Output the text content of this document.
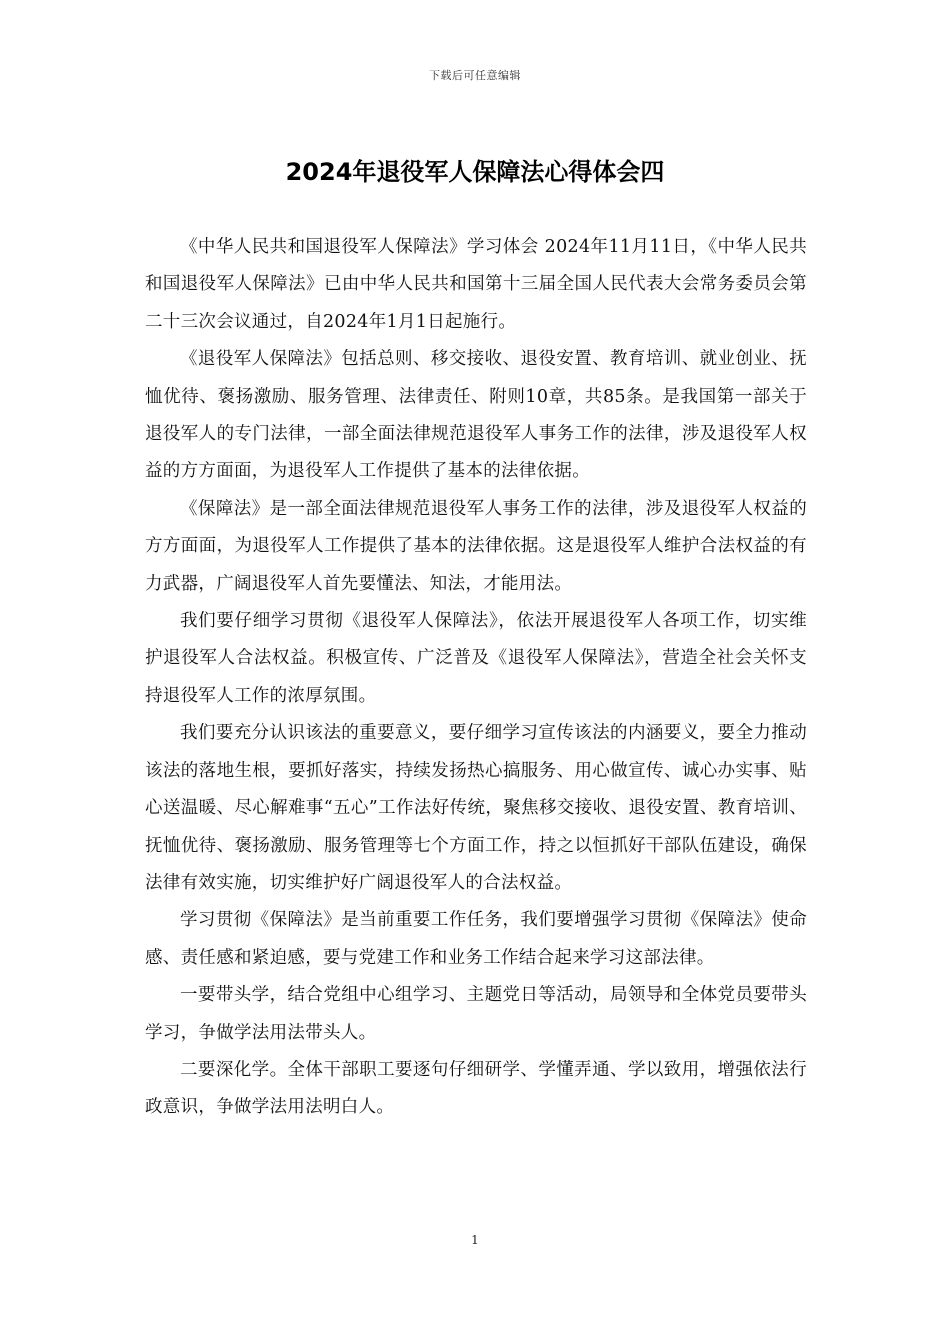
下载后可任意编辑
2024年退役军人保障法心得体会四

《中华人民共和国退役军人保障法》学习体会 2024年11月11日，《中华人民共和国退役军人保障法》已由中华人民共和国第十三届全国人民代表大会常务委员会第二十三次会议通过，自2024年1月1日起施行。

《退役军人保障法》包括总则、移交接收、退役安置、教育培训、就业创业、抚恤优待、褒扬激励、服务管理、法律责任、附则10章，共85条。是我国第一部关于退役军人的专门法律，一部全面法律规范退役军人事务工作的法律，涉及退役军人权益的方方面面，为退役军人工作提供了基本的法律依据。

《保障法》是一部全面法律规范退役军人事务工作的法律，涉及退役军人权益的方方面面，为退役军人工作提供了基本的法律依据。这是退役军人维护合法权益的有力武器，广阔退役军人首先要懂法、知法，才能用法。

我们要仔细学习贯彻《退役军人保障法》，依法开展退役军人各项工作，切实维护退役军人合法权益。积极宣传、广泛普及《退役军人保障法》，营造全社会关怀支持退役军人工作的浓厚氛围。

我们要充分认识该法的重要意义，要仔细学习宣传该法的内涵要义，要全力推动该法的落地生根，要抓好落实，持续发扬热心搞服务、用心做宣传、诚心办实事、贴心送温暖、尽心解难事“五心”工作法好传统，聚焦移交接收、退役安置、教育培训、抚恤优待、褒扬激励、服务管理等七个方面工作，持之以恒抓好干部队伍建设，确保法律有效实施，切实维护好广阔退役军人的合法权益。

学习贯彻《保障法》是当前重要工作任务，我们要增强学习贯彻《保障法》使命感、责任感和紧迫感，要与党建工作和业务工作结合起来学习这部法律。

一要带头学，结合党组中心组学习、主题党日等活动，局领导和全体党员要带头学习，争做学法用法带头人。

二要深化学。全体干部职工要逐句仔细研学、学懂弄通、学以致用，增强依法行政意识，争做学法用法明白人。

1
